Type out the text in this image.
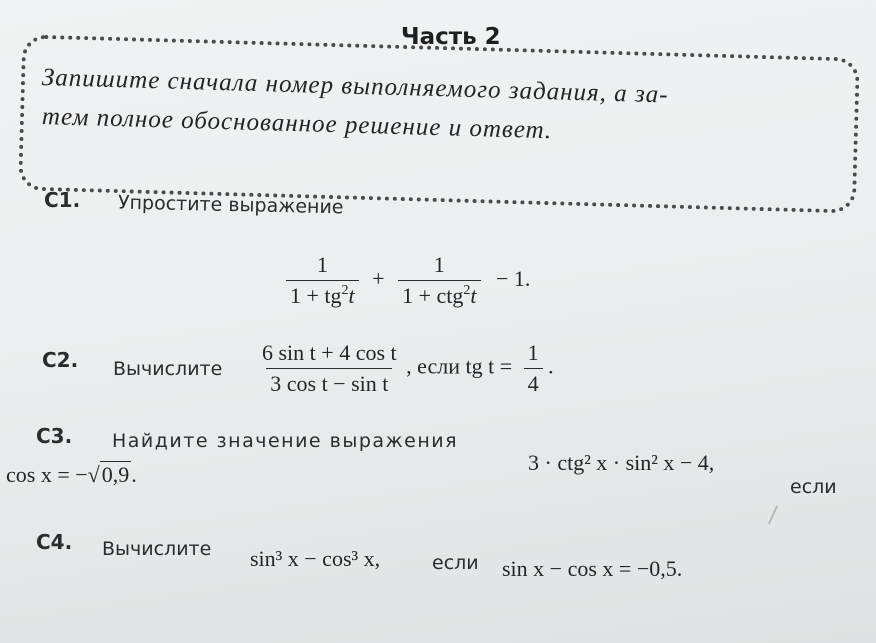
Часть 2
Запишите сначала номер выполняемого задания, а за-
тем полное обоснованное решение и ответ.
С1. Упростите выражение
$\frac{1}{1 + tg^2t} + \frac{1}{1 + ctg^2t} - 1$.
С2. Вычислите $\frac{\text{6 sin t + 4 cos t}}{\text{3 cos t − sin t}}$ , если tg $t = \frac{1}{4}$ .
С3. Найдите значение выражения
3 · ctg² x · sin² x − 4,
если
cos x = −√0,9.
С4. Вычислите sin³ x − cos³ x,	если sin x − cos x = −0,5.
